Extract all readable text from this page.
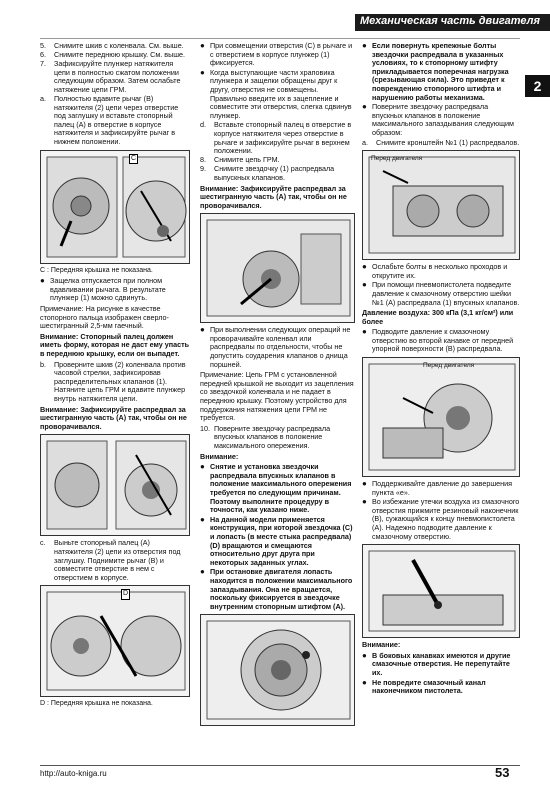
Механическая часть двигателя
2
5.	Снимите шкив с коленвала. См. выше.
6.	Снимите переднюю крышку. См. выше.
7.	Зафиксируйте плунжер натяжителя цепи в полностью сжатом положении следующим образом. Затем ослабьте натяжение цепи ГРМ.
а.	Полностью вдавите рычаг (В) натяжителя (2) цепи через отверстие под заглушку и вставьте стопорный палец (А) в отверстие в корпусе натяжителя и зафиксируйте рычаг в нижнем положении.
С
С : Передняя крышка не показана.
● Защелка отпускается при полном вдавливании рычага. В результате плунжер (1) можно сдвинуть.
Примечание: На рисунке в качестве стопорного пальца изображен сверло-шестигранный 2,5-мм гаечный.
Внимание: Стопорный палец должен иметь форму, которая не даст ему упасть в переднюю крышку, если он выпадет.
b.	Проверните шкив (2) коленвала против часовой стрелки, зафиксировав распределительных клапанов (1). Натяните цепь ГРМ и вдавите плунжер внутрь натяжителя цепи.
Внимание: Зафиксируйте распредвал за шестигранную часть (А) так, чтобы он не проворачивался.
c.	Выньте стопорный палец (А) натяжителя (2) цепи из отверстия под заглушку. Поднимите рычаг (В) и совместите отверстие в нем с отверстием в корпусе.
D
D : Передняя крышка не показана.
● При совмещении отверстия (С) в рычаге и с отверстием в корпусе плунжер (1) фиксируется.
● Когда выступающие части храповика плунжера и защелки обращены друг к другу, отверстия не совмещены. Правильно введите их в зацепление и совместите эти отверстия, слегка сдвинув плунжер.
d.	Вставьте стопорный палец в отверстие в корпусе натяжителя через отверстие в рычаге и зафиксируйте рычаг в верхнем положении.
8.	Снимите цепь ГРМ.
9.	Снимите звездочку (1) распредвала выпускных клапанов.
Внимание: Зафиксируйте распредвал за шестигранную часть (А) так, чтобы он не проворачивался.
● При выполнении следующих операций не проворачивайте коленвал или распредвалы по отдельности, чтобы не допустить соударения клапанов о днища поршней.
Примечание: Цепь ГРМ с установленной передней крышкой не выходит из зацепления со звездочкой коленвала и не падает в переднюю крышку. Поэтому устройство для поддержания натяжения цепи ГРМ не требуется.
10. Поверните звездочку распредвала впускных клапанов в положение максимального опережения.
Внимание:
● Снятие и установка звездочки распредвала впускных клапанов в положение максимального опережения требуется по следующим причинам. Поэтому выполните процедуру в точности, как указано ниже.
● На данной модели применяется конструкция, при которой звездочка (С) и лопасть (в месте стыка распредвала) (D) вращаются и смещаются относительно друг друга при некоторых заданных углах.
● При остановке двигателя лопасть находится в положении максимального запаздывания. Она не вращается, поскольку фиксируется в звездочке внутренним стопорным штифтом (А).
● Если повернуть крепежные болты звездочки распредвала в указанных условиях, то к стопорному штифту прикладывается поперечная нагрузка (срезывающая сила). Это приведет к повреждению стопорного штифта и нарушению работы механизма.
● Поверните звездочку распредвала впускных клапанов в положение максимального запаздывания следующим образом:
а.	Снимите кронштейн №1 (1) распредвалов.
Перед двигателя
● Ослабьте болты в несколько проходов и открутите их.
● При помощи пневмопистолета подведите давление к смазочному отверстию шейки №1 (А) распредвала (1) впускных клапанов.
Давление воздуха: 300 кПа (3,1 кг/см²) или более
● Подводите давление к смазочному отверстию во второй канавке от передней упорной поверхности (В) распредвала.
Перед двигателя
● Поддерживайте давление до завершения пункта «e».
● Во избежание утечки воздуха из смазочного отверстия прижмите резиновый наконечник (В), сужающийся к концу пневмопистолета (А). Надежно подводите давление к смазочному отверстию.
Внимание:
● В боковых канавках имеются и другие смазочные отверстия. Не перепутайте их.
● Не повредите смазочный канал наконечником пистолета.
http://auto-kniga.ru	53
